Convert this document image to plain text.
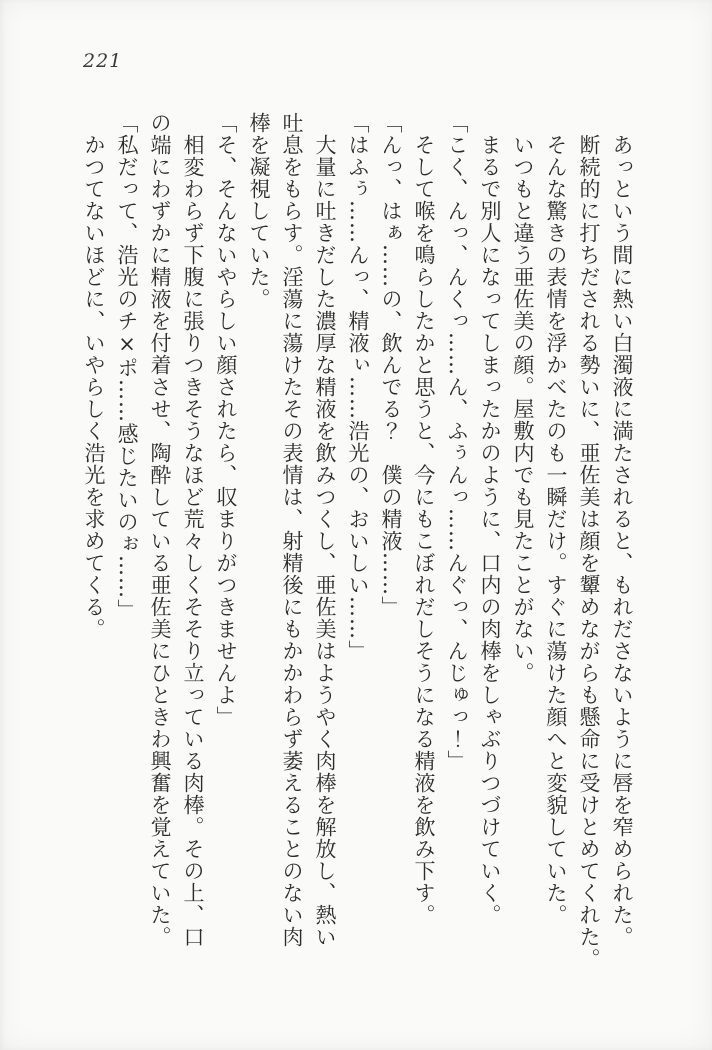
221
あっという間に熱い白濁液に満たされると、もれださないように唇を窄められた。
断続的に打ちだされる勢いに、亜佐美は顔を顰めながらも懸命に受けとめてくれた。
そんな驚きの表情を浮かべたのも一瞬だけ。すぐに蕩けた顔へと変貌していた。
いつもと違う亜佐美の顔。屋敷内でも見たことがない。
まるで別人になってしまったかのように、口内の肉棒をしゃぶりつづけていく。
「こく、んっ、んくっ……ん、ふぅんっ……んぐっ、んじゅっ！」
そして喉を鳴らしたかと思うと、今にもこぼれだしそうになる精液を飲み下す。
「んっ、はぁ……の、飲んでる？　僕の精液……」
「はふぅ……んっ、精液ぃ……浩光の、おいしい……」
大量に吐きだした濃厚な精液を飲みつくし、亜佐美はようやく肉棒を解放し、熱い
吐息をもらす。淫蕩に蕩けたその表情は、射精後にもかかわらず萎えることのない肉
棒を凝視していた。
「そ、そんないやらしい顔されたら、収まりがつきませんよ」
相変わらず下腹に張りつきそうなほど荒々しくそそり立っている肉棒。その上、口
の端にわずかに精液を付着させ、陶酔している亜佐美にひときわ興奮を覚えていた。
「私だって、浩光のチ×ポ……感じたいのぉ……」
かつてないほどに、いやらしく浩光を求めてくる。
